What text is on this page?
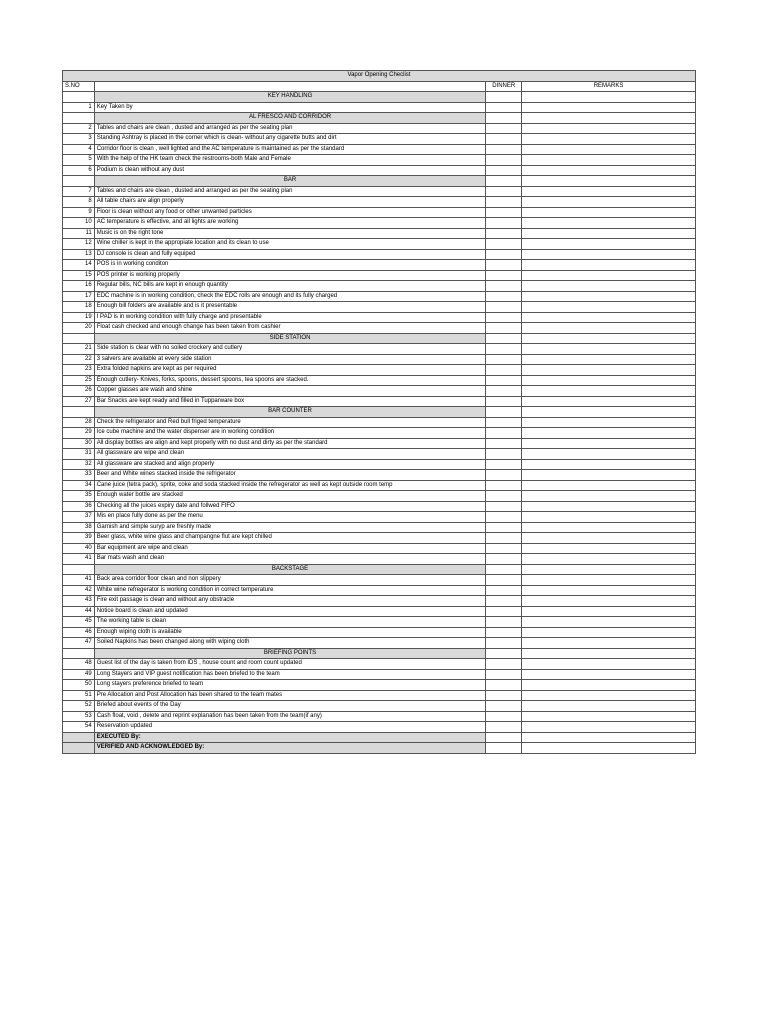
Vapor Opening Checlist			
S.NO		DINNER	REMARKS
	KEY HANDLING		
1	Key Taken by		
	AL FRESCO AND CORRIDOR		
2	Tables and chairs are clean , dusted and arranged as per the seating plan		
3	Standing Ashtray is placed in the corner which is clean- without any cigarette butts and dirt		
4	Corridor floor is clean , well lighted and the AC temperature is maintained as per the standard		
5	With the help of the HK team check the restrooms-both Male and Female		
6	Podium is clean without any dust		
	BAR		
7	Tables and chairs are clean , dusted and arranged as per the seating plan		
8	All table chairs are align properly		
9	Floor is clean without any food or other unwanted particles		
10	AC temperature is effective, and all lights are working		
11	Music is on the right tone		
12	Wine chiller is kept in the appropiate location and its clean to use		
13	DJ console is clean and fully equiped		
14	POS is in working conditon		
15	POS printer is working properly		
16	Regular bills, NC bills are kept in enough quantity		
17	EDC machine is in working condition, check the EDC rolls are enough and its fully charged		
18	Enough bill folders are available and is it presentable		
19	I PAD is in working condition with fully charge and presentable		
20	Float cash checked and enough change has been taken from cashier		
	SIDE STATION		
21	Side station is clear with no soiled crockery and cutlery		
22	3 salvers are available at every side station		
23	Extra folded napkins are kept as per required		
25	Enough cutlery- Knives, forks, spoons, dessert spoons, tea spoons are stacked.		
26	Copper glasses are wash and shine		
27	Bar Snacks are kept ready and filled in Tupparware box		
	BAR COUNTER		
28	Check the refrigerator and Red bull friged temperature		
29	Ice cube machine and the water dispenser are in working condition		
30	All display bottles are align and kept properly with no dust and dirty as per the standard		
31	All glassware are wipe and clean		
32	All glassware are stacked and align properly		
33	Beer and White wines stacked inside the refrigerator		
34	Cane juice (tetra pack), sprite, coke and soda stacked inside the refregerator as well as kept outside room temp		
35	Enough water bottle are stacked		
36	Checking all the juices expiry date and follwed FIFO		
37	Mis en place fully done as per the menu		
38	Garnish and simple suryp are freshly made		
39	Beer glass, white wine glass and champangne flut are kept chilled		
40	Bar equipment are wipe and clean		
41	Bar mats wash and clean		
	BACKSTAGE		
41	Back area corridor floor clean and non slippery		
42	White wine refregerator is working condition in correct temperature		
43	Fire exit passage is clean and without any obstracle		
44	Notice board is clean and updated		
45	The working table is clean		
46	Enough wiping cloth is available		
47	Soiled Napkins has been changed along with wiping cloth		
	BRIEFING POINTS		
48	Guest list of the day is taken from IDS , house count and room count updated		
49	Long Stayers and VIP guest notification has been briefed to the team		
50	Long stayers preference briefed to team		
51	Pre Allocation and Post Allocation has been shared to the team mates		
52	Briefed about events of the Day		
53	Cash float, void , delete and reprint explanation has been taken from the team(if any)		
54	Reservation updated		
	EXECUTED By:		
	VERIFIED AND ACKNOWLEDGED By:		
